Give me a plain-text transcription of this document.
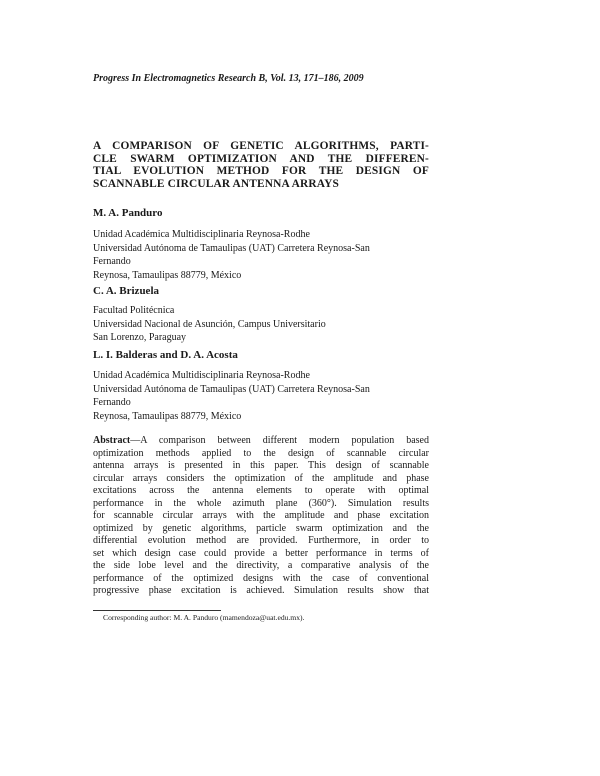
Progress In Electromagnetics Research B, Vol. 13, 171–186, 2009
A COMPARISON OF GENETIC ALGORITHMS, PARTI-
CLE SWARM OPTIMIZATION AND THE DIFFEREN-
TIAL EVOLUTION METHOD FOR THE DESIGN OF
SCANNABLE CIRCULAR ANTENNA ARRAYS
M. A. Panduro
Unidad Académica Multidisciplinaria Reynosa-Rodhe
Universidad Autónoma de Tamaulipas (UAT) Carretera Reynosa-San
Fernando
Reynosa, Tamaulipas 88779, México
C. A. Brizuela
Facultad Politécnica
Universidad Nacional de Asunción, Campus Universitario
San Lorenzo, Paraguay
L. I. Balderas and D. A. Acosta
Unidad Académica Multidisciplinaria Reynosa-Rodhe
Universidad Autónoma de Tamaulipas (UAT) Carretera Reynosa-San
Fernando
Reynosa, Tamaulipas 88779, México
Abstract—A comparison between different modern population based
optimization methods applied to the design of scannable circular
antenna arrays is presented in this paper. This design of scannable
circular arrays considers the optimization of the amplitude and phase
excitations across the antenna elements to operate with optimal
performance in the whole azimuth plane (360°). Simulation results
for scannable circular arrays with the amplitude and phase excitation
optimized by genetic algorithms, particle swarm optimization and the
differential evolution method are provided. Furthermore, in order to
set which design case could provide a better performance in terms of
the side lobe level and the directivity, a comparative analysis of the
performance of the optimized designs with the case of conventional
progressive phase excitation is achieved. Simulation results show that
Corresponding author: M. A. Panduro (mamendoza@uat.edu.mx).
